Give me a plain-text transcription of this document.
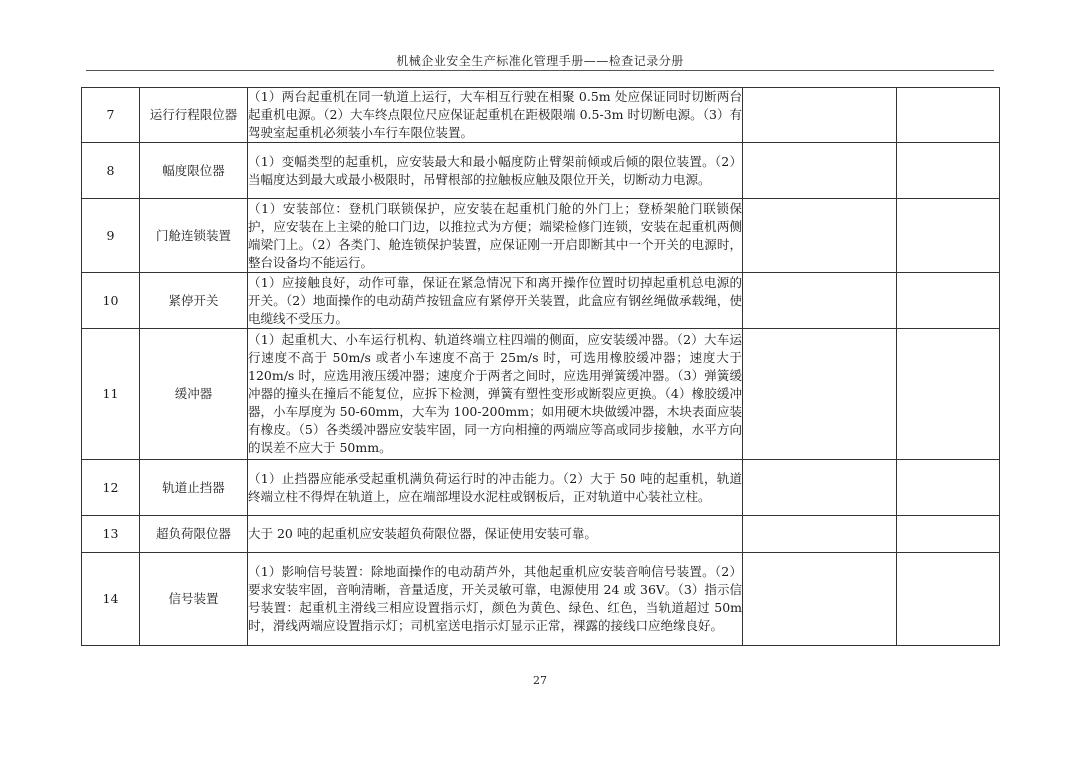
机械企业安全生产标准化管理手册——检查记录分册
7	运行行程限位器	（1）两台起重机在同一轨道上运行，大车相互行驶在相聚 0.5m 处应保证同时切断两台起重机电源。（2）大车终点限位尺应保证起重机在距极限端 0.5-3m 时切断电源。（3）有驾驶室起重机必须装小车行车限位装置。		
8	幅度限位器	（1）变幅类型的起重机，应安装最大和最小幅度防止臂架前倾或后倾的限位装置。（2）当幅度达到最大或最小极限时，吊臂根部的拉触板应触及限位开关，切断动力电源。		
9	门舱连锁装置	（1）安装部位：登机门联锁保护，应安装在起重机门舱的外门上；登桥架舱门联锁保护，应安装在上主梁的舱口门边，以推拉式为方便；端梁检修门连锁，安装在起重机两侧端梁门上。（2）各类门、舱连锁保护装置，应保证刚一开启即断其中一个开关的电源时，整台设备均不能运行。		
10	紧停开关	（1）应接触良好，动作可靠，保证在紧急情况下和离开操作位置时切掉起重机总电源的开关。（2）地面操作的电动葫芦按钮盒应有紧停开关装置，此盒应有钢丝绳做承载绳，使电缆线不受压力。		
11	缓冲器	（1）起重机大、小车运行机构、轨道终端立柱四端的侧面，应安装缓冲器。（2）大车运行速度不高于 50m/s 或者小车速度不高于 25m/s 时，可选用橡胶缓冲器；速度大于 120m/s 时，应选用液压缓冲器；速度介于两者之间时，应选用弹簧缓冲器。（3）弹簧缓冲器的撞头在撞后不能复位，应拆下检测，弹簧有塑性变形或断裂应更换。（4）橡胶缓冲器，小车厚度为 50-60mm，大车为 100-200mm；如用硬木块做缓冲器，木块表面应装有橡皮。（5）各类缓冲器应安装牢固，同一方向相撞的两端应等高或同步接触，水平方向的误差不应大于 50mm。		
12	轨道止挡器	（1）止挡器应能承受起重机满负荷运行时的冲击能力。（2）大于 50 吨的起重机，轨道终端立柱不得焊在轨道上，应在端部埋设水泥柱或钢板后，正对轨道中心装社立柱。		
13	超负荷限位器	大于 20 吨的起重机应安装超负荷限位器，保证使用安装可靠。		
14	信号装置	（1）影响信号装置：除地面操作的电动葫芦外，其他起重机应安装音响信号装置。（2）要求安装牢固，音响清晰，音量适度，开关灵敏可靠，电源使用 24 或 36V。（3）指示信号装置：起重机主滑线三相应设置指示灯，颜色为黄色、绿色、红色，当轨道超过 50m 时，滑线两端应设置指示灯；司机室送电指示灯显示正常，裸露的接线口应绝缘良好。		
27
